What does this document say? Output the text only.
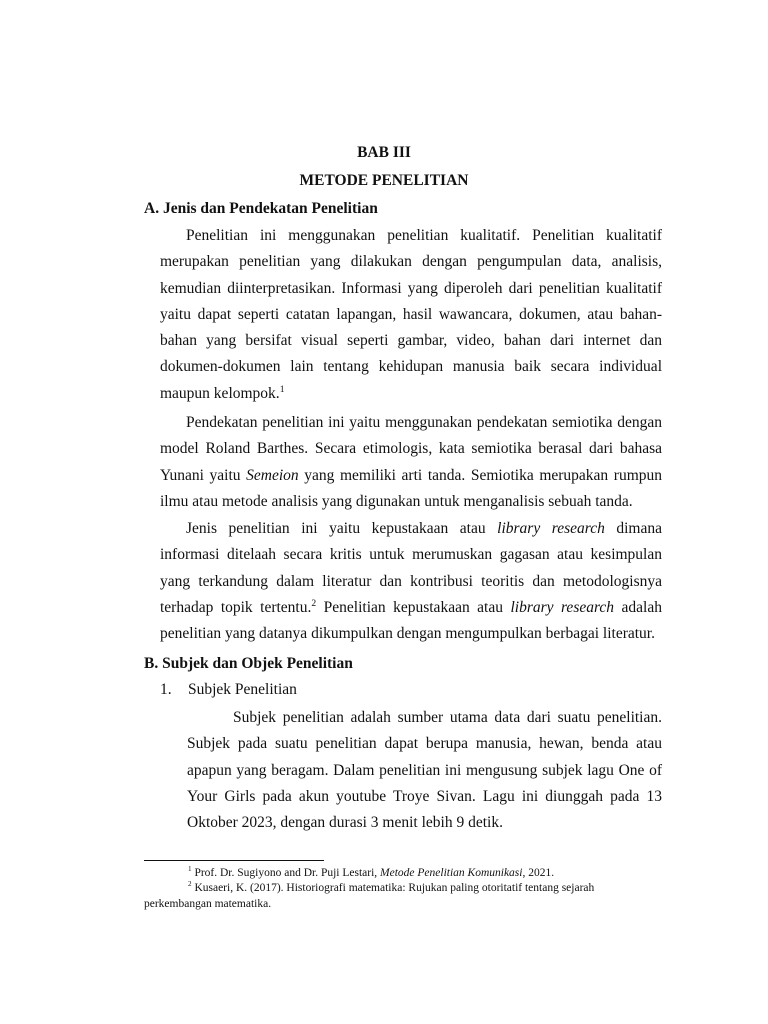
BAB III
METODE PENELITIAN
A. Jenis dan Pendekatan Penelitian

Penelitian ini menggunakan penelitian kualitatif. Penelitian kualitatif merupakan penelitian yang dilakukan dengan pengumpulan data, analisis, kemudian diinterpretasikan. Informasi yang diperoleh dari penelitian kualitatif yaitu dapat seperti catatan lapangan, hasil wawancara, dokumen, atau bahan-bahan yang bersifat visual seperti gambar, video, bahan dari internet dan dokumen-dokumen lain tentang kehidupan manusia baik secara individual maupun kelompok.$^1$

Pendekatan penelitian ini yaitu menggunakan pendekatan semiotika dengan model Roland Barthes. Secara etimologis, kata semiotika berasal dari bahasa Yunani yaitu Semeion yang memiliki arti tanda. Semiotika merupakan rumpun ilmu atau metode analisis yang digunakan untuk menganalisis sebuah tanda.

Jenis penelitian ini yaitu kepustakaan atau library research dimana informasi ditelaah secara kritis untuk merumuskan gagasan atau kesimpulan yang terkandung dalam literatur dan kontribusi teoritis dan metodologisnya terhadap topik tertentu.$^2$ Penelitian kepustakaan atau library research adalah penelitian yang datanya dikumpulkan dengan mengumpulkan berbagai literatur.

B. Subjek dan Objek Penelitian
1. Subjek Penelitian

Subjek penelitian adalah sumber utama data dari suatu penelitian. Subjek pada suatu penelitian dapat berupa manusia, hewan, benda atau apapun yang beragam. Dalam penelitian ini mengusung subjek lagu One of Your Girls pada akun youtube Troye Sivan. Lagu ini diunggah pada 13 Oktober 2023, dengan durasi 3 menit lebih 9 detik.

$^1$ Prof. Dr. Sugiyono and Dr. Puji Lestari, Metode Penelitian Komunikasi, 2021.

$^2$ Kusaeri, K. (2017). Historiografi matematika: Rujukan paling otoritatif tentang sejarah perkembangan matematika.
